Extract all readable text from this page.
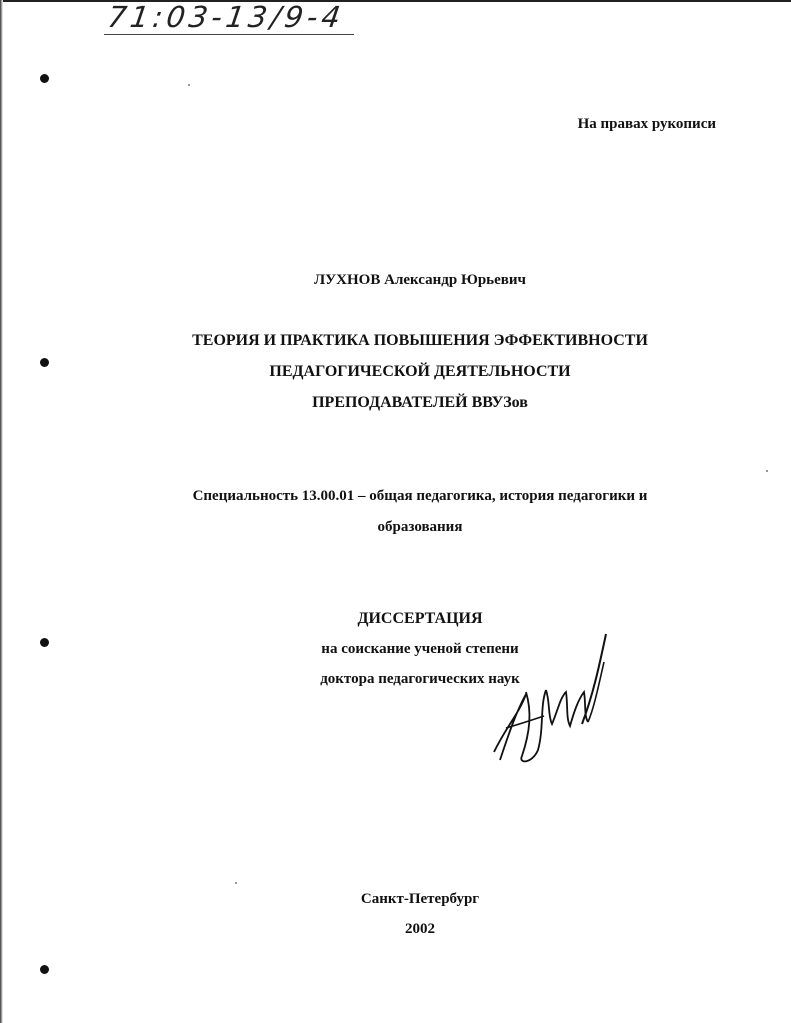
71:03-13/9-4
На правах рукописи
ЛУХНОВ Александр Юрьевич
ТЕОРИЯ И ПРАКТИКА ПОВЫШЕНИЯ ЭФФЕКТИВНОСТИ
ПЕДАГОГИЧЕСКОЙ ДЕЯТЕЛЬНОСТИ
ПРЕПОДАВАТЕЛЕЙ ВВУЗов
Специальность 13.00.01 – общая педагогика, история педагогики и
образования
ДИССЕРТАЦИЯ
на соискание ученой степени
доктора педагогических наук
Санкт-Петербург
2002
